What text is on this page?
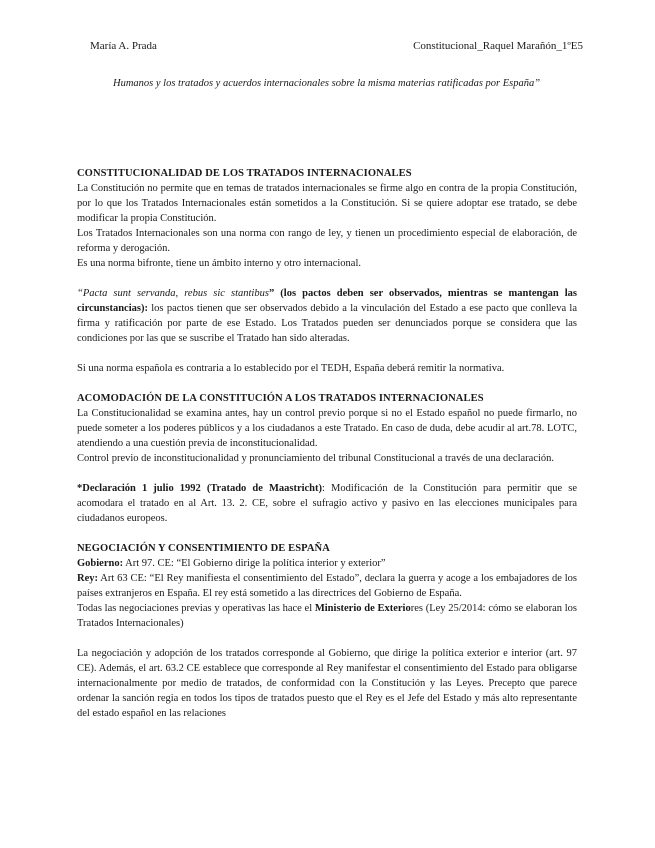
María A. Prada	Constitucional_Raquel Marañón_1ºE5
Humanos y los tratados y acuerdos internacionales sobre la misma materias ratificadas por España”
CONSTITUCIONALIDAD DE LOS TRATADOS INTERNACIONALES

La Constitución no permite que en temas de tratados internacionales se firme algo en contra de la propia Constitución, por lo que los Tratados Internacionales están sometidos a la Constitución. Si se quiere adoptar ese tratado, se debe modificar la propia Constitución.

Los Tratados Internacionales son una norma con rango de ley, y tienen un procedimiento especial de elaboración, de reforma y derogación.

Es una norma bifronte, tiene un ámbito interno y otro internacional.

“Pacta sunt servanda, rebus sic stantibus” (los pactos deben ser observados, mientras se mantengan las circunstancias): los pactos tienen que ser observados debido a la vinculación del Estado a ese pacto que conlleva la firma y ratificación por parte de ese Estado. Los Tratados pueden ser denunciados porque se considera que las condiciones por las que se suscribe el Tratado han sido alteradas.

Si una norma española es contraria a lo establecido por el TEDH, España deberá remitir la normativa.

ACOMODACIÓN DE LA CONSTITUCIÓN A LOS TRATADOS INTERNACIONALES

La Constitucionalidad se examina antes, hay un control previo porque si no el Estado español no puede firmarlo, no puede someter a los poderes públicos y a los ciudadanos a este Tratado. En caso de duda, debe acudir al art.78. LOTC, atendiendo a una cuestión previa de inconstitucionalidad.

Control previo de inconstitucionalidad y pronunciamiento del tribunal Constitucional a través de una declaración.

*Declaración 1 julio 1992 (Tratado de Maastricht): Modificación de la Constitución para permitir que se acomodara el tratado en al Art. 13. 2. CE, sobre el sufragio activo y pasivo en las elecciones municipales para ciudadanos europeos.

NEGOCIACIÓN Y CONSENTIMIENTO DE ESPAÑA

Gobierno: Art 97. CE: “El Gobierno dirige la política interior y exterior”

Rey: Art 63 CE: “El Rey manifiesta el consentimiento del Estado”, declara la guerra y acoge a los embajadores de los países extranjeros en España. El rey está sometido a las directrices del Gobierno de España.

Todas las negociaciones previas y operativas las hace el Ministerio de Exteriores (Ley 25/2014: cómo se elaboran los Tratados Internacionales)

La negociación y adopción de los tratados corresponde al Gobierno, que dirige la política exterior e interior (art. 97 CE). Además, el art. 63.2 CE establece que corresponde al Rey manifestar el consentimiento del Estado para obligarse internacionalmente por medio de tratados, de conformidad con la Constitución y las Leyes. Precepto que parece ordenar la sanción regia en todos los tipos de tratados puesto que el Rey es el Jefe del Estado y más alto representante del estado español en las relaciones
